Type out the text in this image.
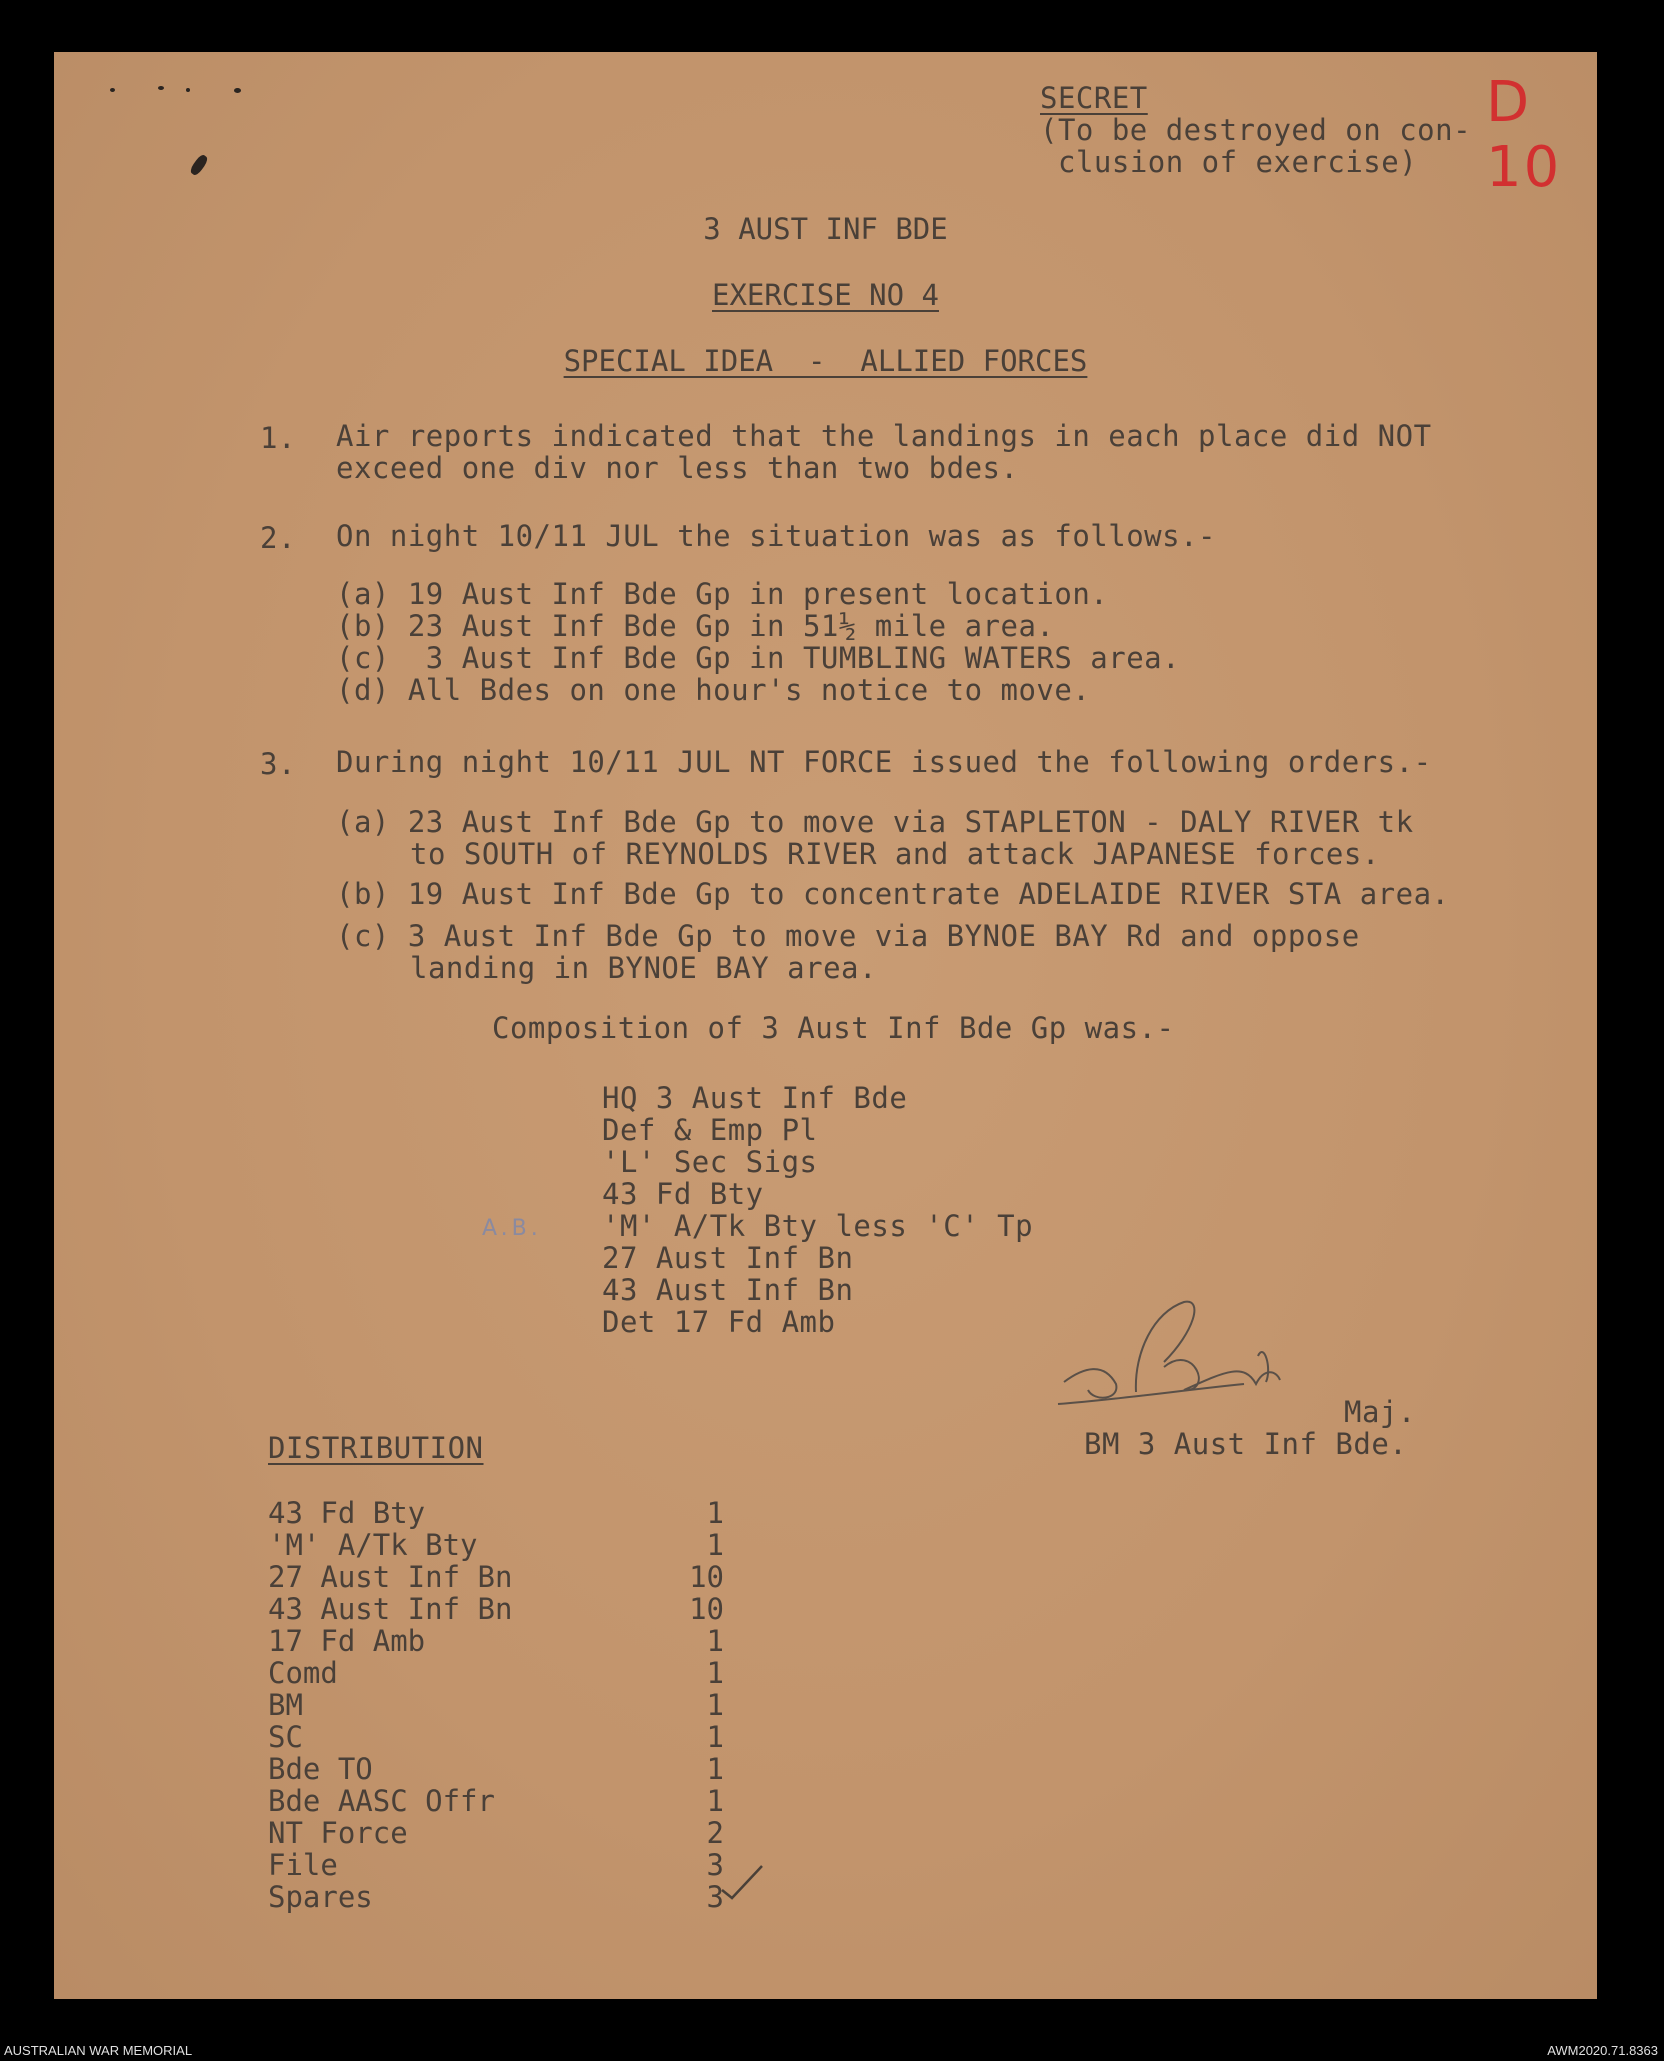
SECRET
(To be destroyed on con-
clusion of exercise)
D 10
3 AUST INF BDE
EXERCISE NO 4
SPECIAL IDEA  -  ALLIED FORCES
1. Air reports indicated that the landings in each place did NOT
exceed one div nor less than two bdes.
2. On night 10/11 JUL the situation was as follows.-
(a) 19 Aust Inf Bde Gp in present location.
(b) 23 Aust Inf Bde Gp in 51½ mile area.
(c)  3 Aust Inf Bde Gp in TUMBLING WATERS area.
(d) All Bdes on one hour's notice to move.
3. During night 10/11 JUL NT FORCE issued the following orders.-
(a) 23 Aust Inf Bde Gp to move via STAPLETON - DALY RIVER tk
to SOUTH of REYNOLDS RIVER and attack JAPANESE forces.
(b) 19 Aust Inf Bde Gp to concentrate ADELAIDE RIVER STA area.
(c) 3 Aust Inf Bde Gp to move via BYNOE BAY Rd and oppose
landing in BYNOE BAY area.
Composition of 3 Aust Inf Bde Gp was.-
HQ 3 Aust Inf Bde
Def & Emp Pl
'L' Sec Sigs
43 Fd Bty
'M' A/Tk Bty less 'C' Tp
27 Aust Inf Bn
43 Aust Inf Bn
Det 17 Fd Amb
A.B.
Maj.
BM 3 Aust Inf Bde.
DISTRIBUTION
43 Fd Bty	1
'M' A/Tk Bty	1
27 Aust Inf Bn	10
43 Aust Inf Bn	10
17 Fd Amb	1
Comd	1
BM	1
SC	1
Bde TO	1
Bde AASC Offr	1
NT Force	2
File	3
Spares	3
AUSTRALIAN WAR MEMORIAL	AWM2020.71.8363
